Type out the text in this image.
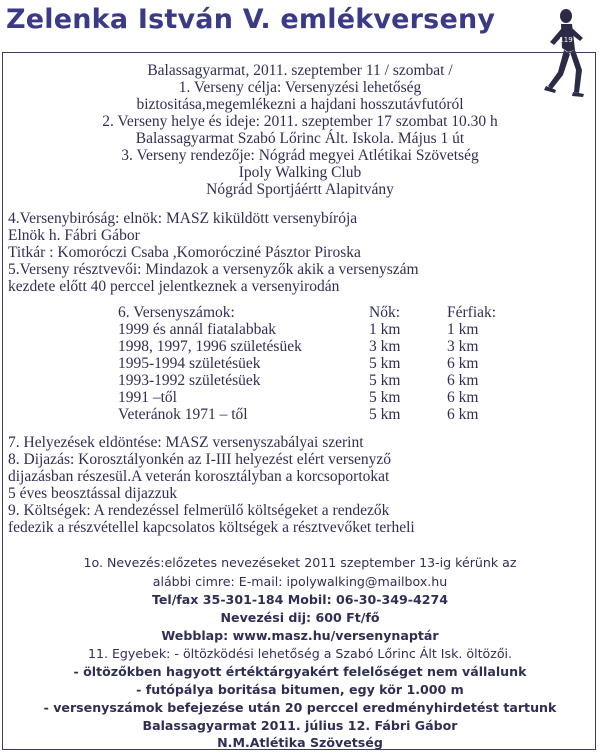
Zelenka István V. emlékverseny
119
Balassagyarmat, 2011. szeptember 11 / szombat /
1. Verseny célja: Versenyzési lehetőség
biztositása,megemlékezni a hajdani hosszutávfutóról
2. Verseny helye és ideje: 2011. szeptember 17 szombat 10.30 h
Balassagyarmat Szabó Lőrinc Ált. Iskola. Május 1 út
3. Verseny rendezője: Nógrád megyei Atlétikai Szövetség
Ipoly Walking Club
Nógrád Sportjáértt Alapitvány
4.Versenybiróság: elnök: MASZ kiküldött versenybírója
Elnök h. Fábri Gábor
Titkár : Komoróczi Csaba ,Komorócziné Pásztor Piroska
5.Verseny résztvevői: Mindazok a versenyzők akik a versenyszám
kezdete előtt 40 perccel jelentkeznek a versenyirodán
6. Versenyszámok:	Nők:	Férfiak:
1999 és annál fiatalabbak	1 km	1 km
1998, 1997, 1996 születésüek	3 km	3 km
1995-1994 születésüek	5 km	6 km
1993-1992 születésüek	5 km	6 km
1991 –től	5 km	6 km
Veteránok 1971 – től	5 km	6 km
7. Helyezések eldöntése: MASZ versenyszabályai szerint
8. Dijazás: Korosztályonkén az I-III helyezést elért versenyző
dijazásban részesül.A veterán korosztályban a korcsoportokat
5 éves beosztással dijazzuk
9. Költségek: A rendezéssel felmerülő költségeket a rendezők
fedezik a részvétellel kapcsolatos költségek a résztvevőket terheli
1o. Nevezés:előzetes nevezéseket 2011 szeptember 13-ig kérünk az
alábbi cimre: E-mail: ipolywalking@mailbox.hu
Tel/fax 35-301-184 Mobil: 06-30-349-4274
Nevezési dij: 600 Ft/fő
Webblap: www.masz.hu/versenynaptár
11. Egyebek: - öltözködési lehetőség a Szabó Lőrinc Ált Isk. öltözői.
- öltözőkben hagyott értéktárgyakért felelőséget nem vállalunk
- futópálya boritása bitumen, egy kör 1.000 m
- versenyszámok befejezése után 20 perccel eredményhirdetést tartunk
Balassagyarmat 2011. július 12. Fábri Gábor
N.M.Atlétika Szövetség
